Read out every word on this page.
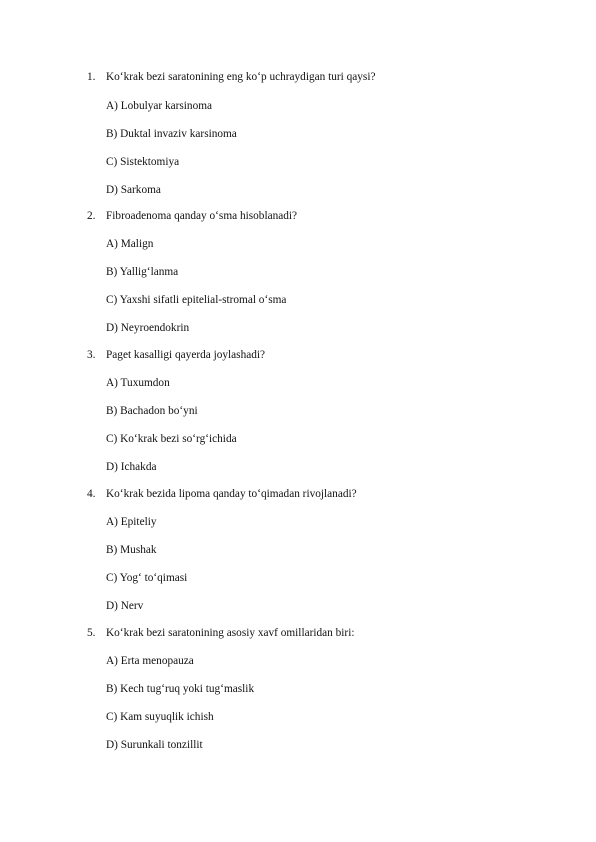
1. Ko‘krak bezi saratonining eng ko‘p uchraydigan turi qaysi?
A) Lobulyar karsinoma
B) Duktal invaziv karsinoma
C) Sistektomiya
D) Sarkoma
2. Fibroadenoma qanday o‘sma hisoblanadi?
A) Malign
B) Yallig‘lanma
C) Yaxshi sifatli epitelial-stromal o‘sma
D) Neyroendokrin
3. Paget kasalligi qayerda joylashadi?
A) Tuxumdon
B) Bachadon bo‘yni
C) Ko‘krak bezi so‘rg‘ichida
D) Ichakda
4. Ko‘krak bezida lipoma qanday to‘qimadan rivojlanadi?
A) Epiteliy
B) Mushak
C) Yog‘ to‘qimasi
D) Nerv
5. Ko‘krak bezi saratonining asosiy xavf omillaridan biri:
A) Erta menopauza
B) Kech tug‘ruq yoki tug‘maslik
C) Kam suyuqlik ichish
D) Surunkali tonzillit
